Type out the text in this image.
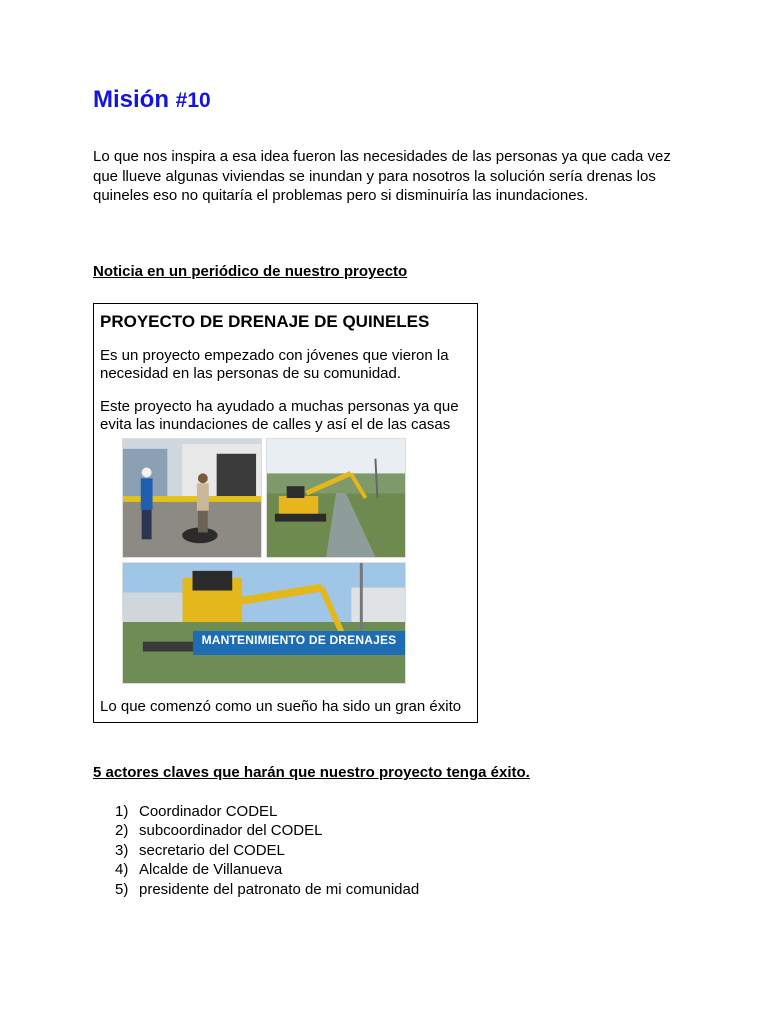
Misión #10
Lo que nos inspira a esa idea fueron las necesidades de las personas ya que cada vez que llueve algunas viviendas se inundan y para nosotros la solución sería drenas los quineles eso no quitaría el problemas pero si disminuiría las inundaciones.
Noticia en un periódico de nuestro proyecto
PROYECTO DE DRENAJE DE QUINELES
Es un proyecto empezado con jóvenes que vieron la necesidad en las personas de su comunidad.
Este proyecto ha ayudado a muchas personas ya que evita las inundaciones de calles y así el de las casas
MANTENIMIENTO DE DRENAJES
Lo que comenzó como un sueño ha sido un gran éxito
5 actores claves que harán que nuestro proyecto tenga éxito.
1) Coordinador CODEL
2) subcoordinador del CODEL
3) secretario del CODEL
4) Alcalde de Villanueva
5) presidente del patronato de mi comunidad
